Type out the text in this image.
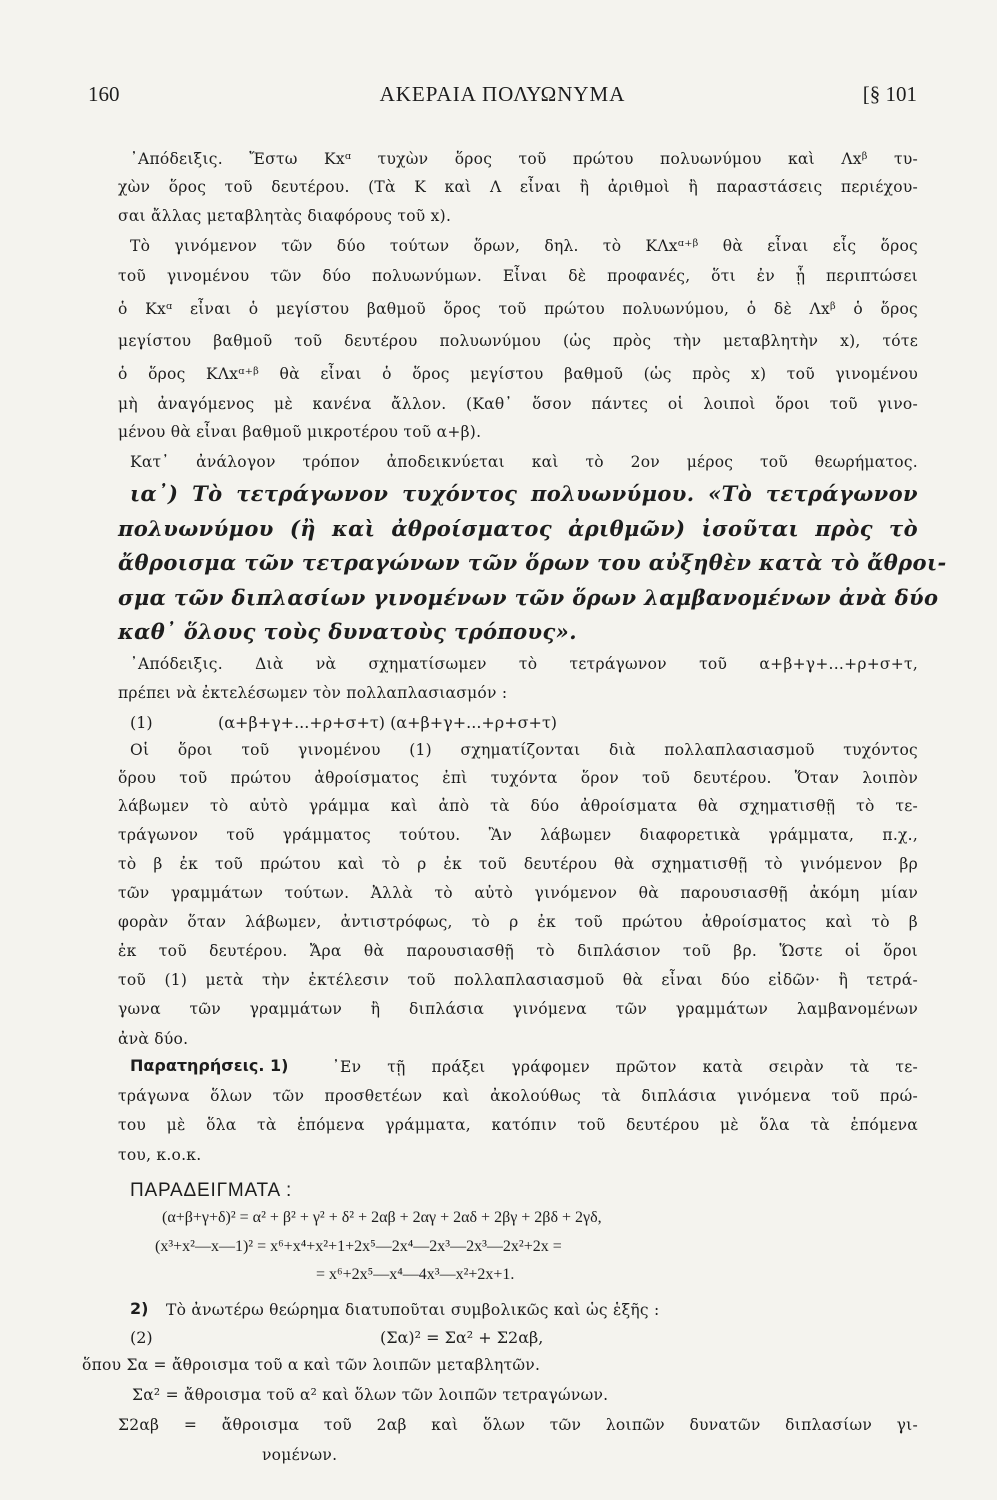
160	ΑΚΕΡΑΙΑ ΠΟΛΥΩΝΥΜΑ	[§ 101
᾿Απόδειξις. Ἔστω Κxᵅ τυχὼν ὅρος τοῦ πρώτου πολυωνύμου καὶ Λxᵝ τυ-
χὼν ὅρος τοῦ δευτέρου. (Τὰ Κ καὶ Λ εἶναι ἢ ἀριθμοὶ ἢ παραστάσεις περιέχου-
σαι ἄλλας μεταβλητὰς διαφόρους τοῦ x).
Τὸ γινόμενον τῶν δύο τούτων ὅρων, δηλ. τὸ ΚΛxᵅ⁺ᵝ θὰ εἶναι εἷς ὅρος
τοῦ γινομένου τῶν δύο πολυωνύμων. Εἶναι δὲ προφανές, ὅτι ἐν ᾗ περιπτώσει
ὁ Κxᵅ εἶναι ὁ μεγίστου βαθμοῦ ὅρος τοῦ πρώτου πολυωνύμου, ὁ δὲ Λxᵝ ὁ ὅρος
μεγίστου βαθμοῦ τοῦ δευτέρου πολυωνύμου (ὡς πρὸς τὴν μεταβλητὴν x), τότε
ὁ ὅρος ΚΛxᵅ⁺ᵝ θὰ εἶναι ὁ ὅρος μεγίστου βαθμοῦ (ὡς πρὸς x) τοῦ γινομένου
μὴ ἀναγόμενος μὲ κανένα ἄλλον. (Καθ᾿ ὅσον πάντες οἱ λοιποὶ ὅροι τοῦ γινο-
μένου θὰ εἶναι βαθμοῦ μικροτέρου τοῦ α+β).
Κατ᾿ ἀνάλογον τρόπον ἀποδεικνύεται καὶ τὸ 2ον μέρος τοῦ θεωρήματος.
ια᾿) Τὸ τετράγωνον τυχόντος πολυωνύμου. «Τὸ τετράγωνον
πολυωνύμου (ἢ καὶ ἀθροίσματος ἀριθμῶν) ἰσοῦται πρὸς τὸ
ἄθροισμα τῶν τετραγώνων τῶν ὅρων του αὐξηθὲν κατὰ τὸ ἄθροι-
σμα τῶν διπλασίων γινομένων τῶν ὅρων λαμβανομένων ἀνὰ δύο
καθ᾿ ὅλους τοὺς δυνατοὺς τρόπους».
᾿Απόδειξις. Διὰ νὰ σχηματίσωμεν τὸ τετράγωνον τοῦ α+β+γ+...+ρ+σ+τ,
πρέπει νὰ ἐκτελέσωμεν τὸν πολλαπλασιασμόν :
(1)	(α+β+γ+...+ρ+σ+τ) (α+β+γ+...+ρ+σ+τ)
Οἱ ὅροι τοῦ γινομένου (1) σχηματίζονται διὰ πολλαπλασιασμοῦ τυχόντος
ὅρου τοῦ πρώτου ἀθροίσματος ἐπὶ τυχόντα ὅρον τοῦ δευτέρου. Ὅταν λοιπὸν
λάβωμεν τὸ αὐτὸ γράμμα καὶ ἀπὸ τὰ δύο ἀθροίσματα θὰ σχηματισθῇ τὸ τε-
τράγωνον τοῦ γράμματος τούτου. Ἂν λάβωμεν διαφορετικὰ γράμματα, π.χ.,
τὸ β ἐκ τοῦ πρώτου καὶ τὸ ρ ἐκ τοῦ δευτέρου θὰ σχηματισθῇ τὸ γινόμενον βρ
τῶν γραμμάτων τούτων. Ἀλλὰ τὸ αὐτὸ γινόμενον θὰ παρουσιασθῇ ἀκόμη μίαν
φορὰν ὅταν λάβωμεν, ἀντιστρόφως, τὸ ρ ἐκ τοῦ πρώτου ἀθροίσματος καὶ τὸ β
ἐκ τοῦ δευτέρου. Ἄρα θὰ παρουσιασθῇ τὸ διπλάσιον τοῦ βρ. Ὥστε οἱ ὅροι
τοῦ (1) μετὰ τὴν ἐκτέλεσιν τοῦ πολλαπλασιασμοῦ θὰ εἶναι δύο εἰδῶν· ἢ τετρά-
γωνα τῶν γραμμάτων ἢ διπλάσια γινόμενα τῶν γραμμάτων λαμβανομένων
ἀνὰ δύο.
Παρατηρήσεις. 1)	᾿Εν τῇ πράξει γράφομεν πρῶτον κατὰ σειρὰν τὰ τε-
τράγωνα ὅλων τῶν προσθετέων καὶ ἀκολούθως τὰ διπλάσια γινόμενα τοῦ πρώ-
του μὲ ὅλα τὰ ἑπόμενα γράμματα, κατόπιν τοῦ δευτέρου μὲ ὅλα τὰ ἑπόμενα
του, κ.ο.κ.
ΠΑΡΑΔΕΙΓΜΑΤΑ :
(α+β+γ+δ)² = α² + β² + γ² + δ² + 2αβ + 2αγ + 2αδ + 2βγ + 2βδ + 2γδ,
(x³+x²—x—1)² = x⁶+x⁴+x²+1+2x⁵—2x⁴—2x³—2x³—2x²+2x =
= x⁶+2x⁵—x⁴—4x³—x²+2x+1.
2) Τὸ ἀνωτέρω θεώρημα διατυποῦται συμβολικῶς καὶ ὡς ἑξῆς :
(2)	(Σα)² = Σα² + Σ2αβ,
ὅπου Σα = ἄθροισμα τοῦ α καὶ τῶν λοιπῶν μεταβλητῶν.
Σα² = ἄθροισμα τοῦ α² καὶ ὅλων τῶν λοιπῶν τετραγώνων.
Σ2αβ = ἄθροισμα τοῦ 2αβ καὶ ὅλων τῶν λοιπῶν δυνατῶν διπλασίων γι-
νομένων.
